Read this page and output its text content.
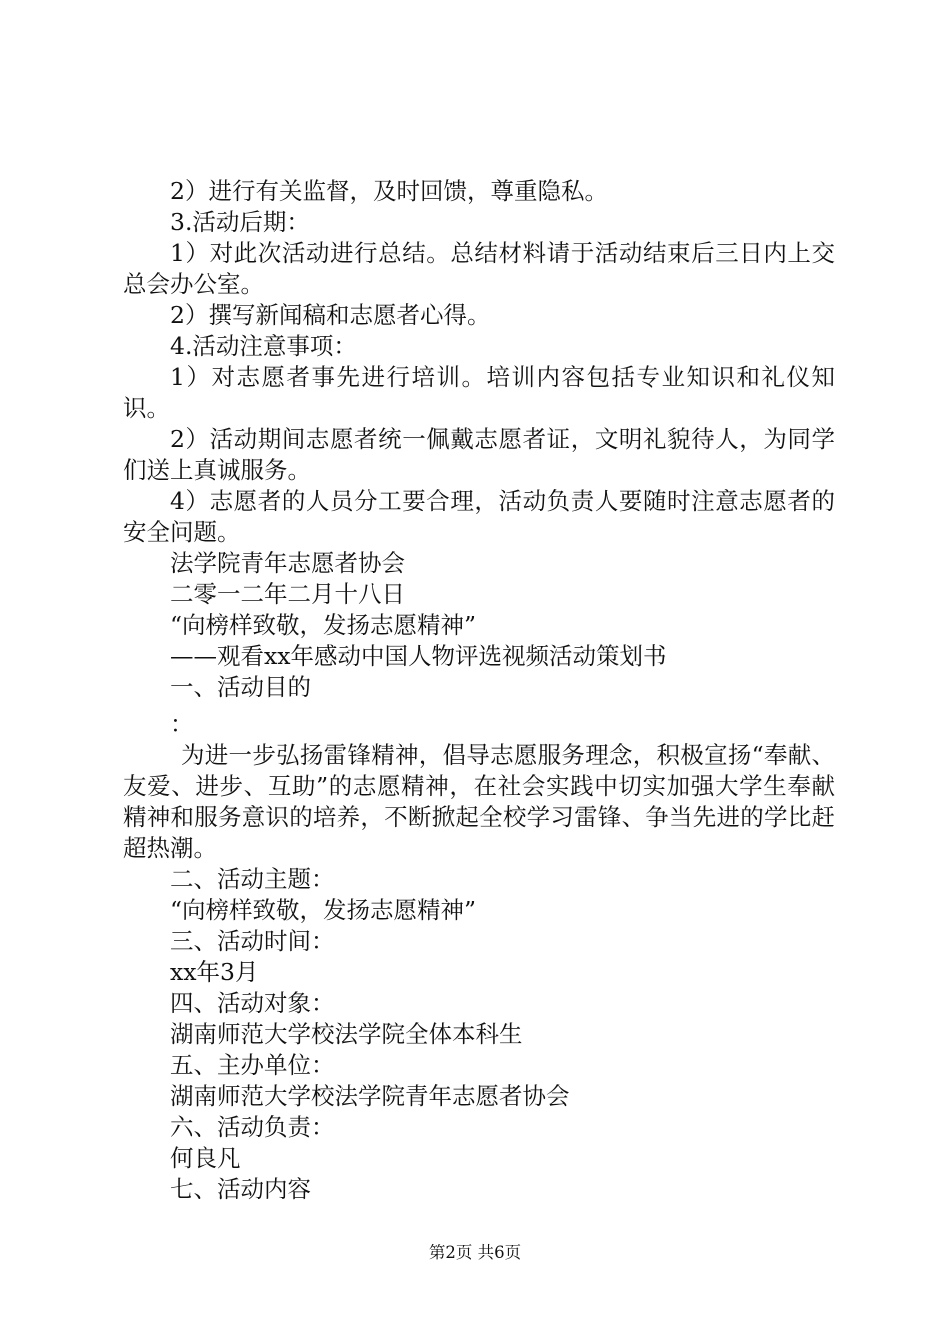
2）进行有关监督，及时回馈，尊重隐私。

3.活动后期：

1）对此次活动进行总结。总结材料请于活动结束后三日内上交总会办公室。

2）撰写新闻稿和志愿者心得。

4.活动注意事项：

1）对志愿者事先进行培训。培训内容包括专业知识和礼仪知识。

2）活动期间志愿者统一佩戴志愿者证，文明礼貌待人，为同学们送上真诚服务。

4）志愿者的人员分工要合理，活动负责人要随时注意志愿者的安全问题。

法学院青年志愿者协会

二零一二年二月十八日

“向榜样致敬，发扬志愿精神”

——观看xx年感动中国人物评选视频活动策划书

一、活动目的

：

为进一步弘扬雷锋精神，倡导志愿服务理念，积极宣扬“奉献、友爱、进步、互助”的志愿精神，在社会实践中切实加强大学生奉献精神和服务意识的培养，不断掀起全校学习雷锋、争当先进的学比赶超热潮。

二、活动主题：

“向榜样致敬，发扬志愿精神”

三、活动时间：

xx年3月

四、活动对象：

湖南师范大学校法学院全体本科生

五、主办单位：

湖南师范大学校法学院青年志愿者协会

六、活动负责：

何良凡

七、活动内容

第2页 共6页
